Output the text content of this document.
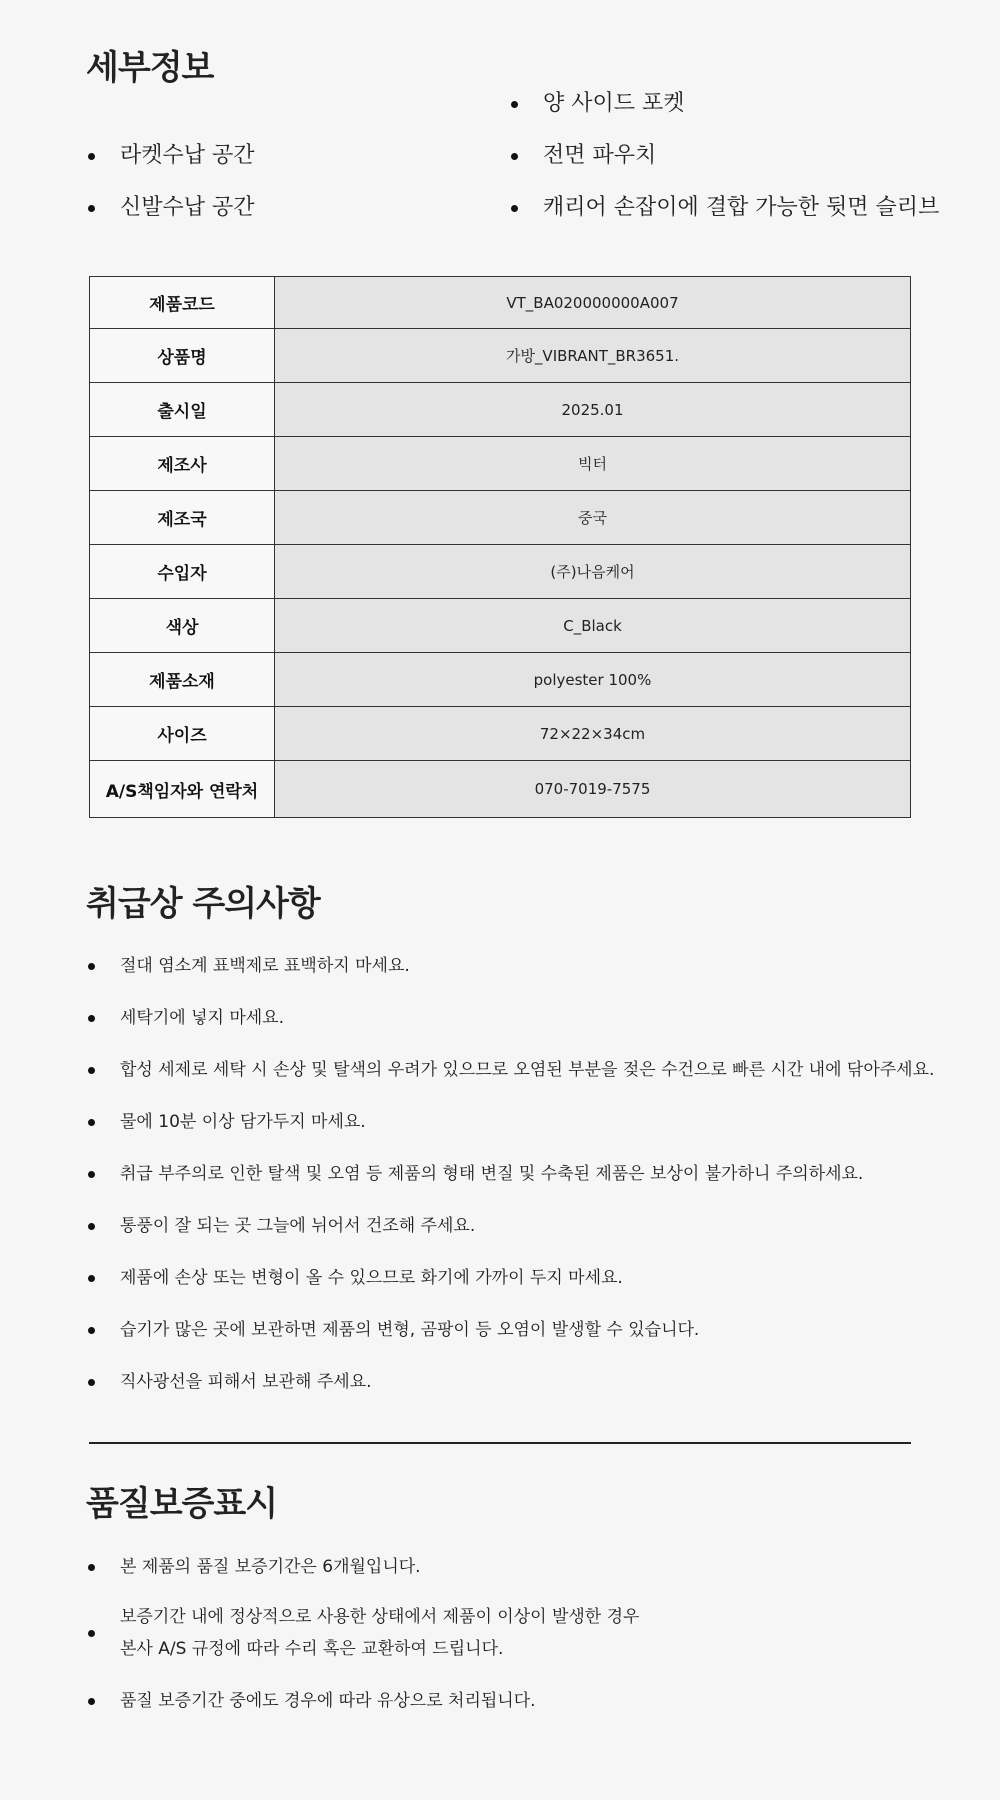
세부정보
라켓수납 공간
신발수납 공간
양 사이드 포켓
전면 파우치
캐리어 손잡이에 결합 가능한 뒷면 슬리브
제품코드	VT_BA020000000A007
상품명	가방_VIBRANT_BR3651.
출시일	2025.01
제조사	빅터
제조국	중국
수입자	(주)나음케어
색상	C_Black
제품소재	polyester 100%
사이즈	72×22×34cm
A/S책임자와 연락처	070-7019-7575
취급상 주의사항
절대 염소계 표백제로 표백하지 마세요.
세탁기에 넣지 마세요.
합성 세제로 세탁 시 손상 및 탈색의 우려가 있으므로 오염된 부분을 젖은 수건으로 빠른 시간 내에 닦아주세요.
물에 10분 이상 담가두지 마세요.
취급 부주의로 인한 탈색 및 오염 등 제품의 형태 변질 및 수축된 제품은 보상이 불가하니 주의하세요.
통풍이 잘 되는 곳 그늘에 뉘어서 건조해 주세요.
제품에 손상 또는 변형이 올 수 있으므로 화기에 가까이 두지 마세요.
습기가 많은 곳에 보관하면 제품의 변형, 곰팡이 등 오염이 발생할 수 있습니다.
직사광선을 피해서 보관해 주세요.
품질보증표시
본 제품의 품질 보증기간은 6개월입니다.
보증기간 내에 정상적으로 사용한 상태에서 제품이 이상이 발생한 경우
본사 A/S 규정에 따라 수리 혹은 교환하여 드립니다.
품질 보증기간 중에도 경우에 따라 유상으로 처리됩니다.
